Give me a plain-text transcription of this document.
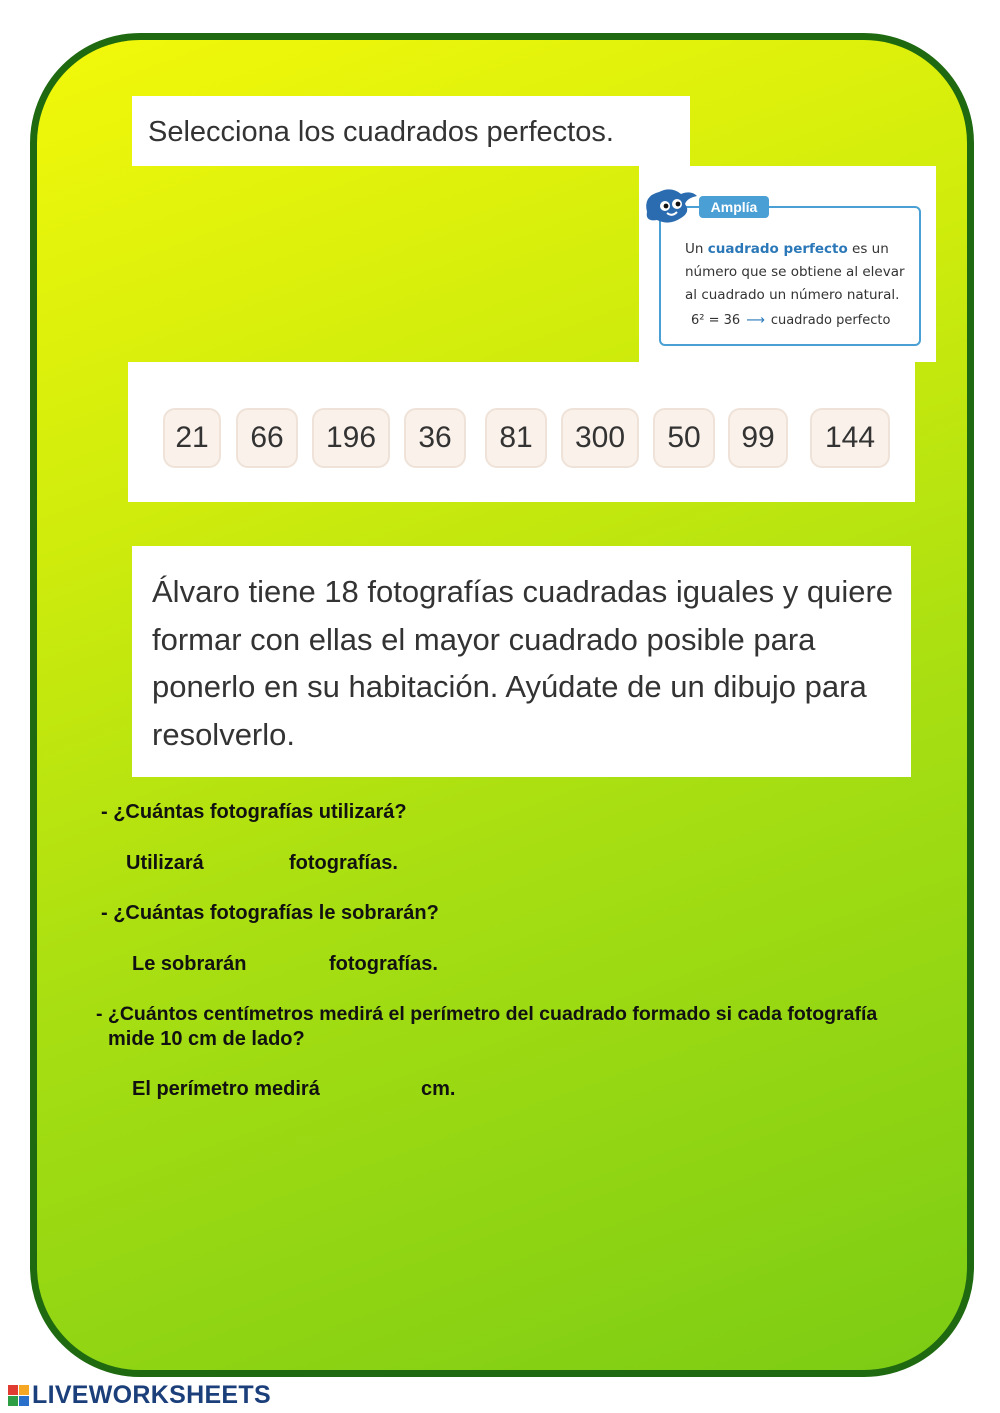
Selecciona los cuadrados perfectos.
Un cuadrado perfecto es un número que se obtiene al elevar al cuadrado un número natural.
6² = 36 ⟶ cuadrado perfecto
Amplía
21	66	196	36	81	300	50	99	144

Álvaro tiene 18 fotografías cuadradas iguales y quiere formar con ellas el mayor cuadrado posible para ponerlo en su habitación. Ayúdate de un dibujo para resolverlo.

- ¿Cuántas fotografías utilizará?
Utilizará	fotografías.
- ¿Cuántas fotografías le sobrarán?
Le sobrarán	fotografías.
- ¿Cuántos centímetros medirá el perímetro del cuadrado formado si cada fotografía
mide 10 cm de lado?
El perímetro medirá	cm.
LIVEWORKSHEETS
